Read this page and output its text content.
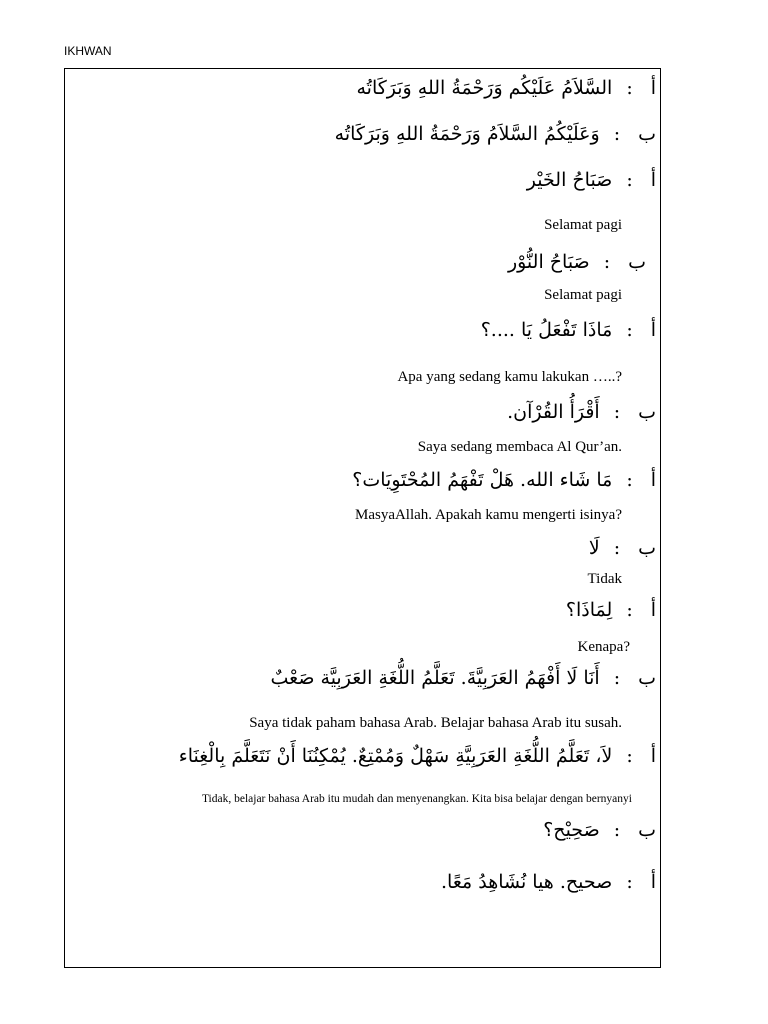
IKHWAN
أ:السَّلاَمُ عَلَيْكُم وَرَحْمَةُ اللهِ وَبَرَكَاتُه
ب:وَعَلَيْكُمُ السَّلاَمُ وَرَحْمَةُ اللهِ وَبَرَكَاتُه
أ:صَبَاحُ الخَيْر
Selamat pagi
ب:صَبَاحُ النُّوْر
Selamat pagi
أ:مَاذَا تَفْعَلُ يَا ....؟
Apa yang sedang kamu lakukan …..?
ب:أَقْرَأُ القُرْآن.
Saya sedang membaca Al Qur’an.
أ:مَا شَاء الله. هَلْ تَفْهَمُ المُحْتَوِيَات؟
MasyaAllah. Apakah kamu mengerti isinya?
ب:لَا
Tidak
أ:لِمَاذَا؟
Kenapa?
ب:أَنَا لَا أَفْهَمُ العَرَبِيَّةَ. تَعَلَّمُ اللُّغَةِ العَرَبِيَّة صَعْبٌ
Saya tidak paham bahasa Arab. Belajar bahasa Arab itu susah.
أ:لاَ، تَعَلَّمُ اللُّغَةِ العَرَبِيَّةِ سَهْلٌ وَمُمْتِعٌ. يُمْكِنُنَا أَنْ نَتَعَلَّمَ بِالْغِنَاء
Tidak, belajar bahasa Arab itu mudah dan menyenangkan. Kita bisa belajar dengan bernyanyi
ب:صَحِيْح؟
أ:صحيح. هيا نُشَاهِدُ مَعًا.
